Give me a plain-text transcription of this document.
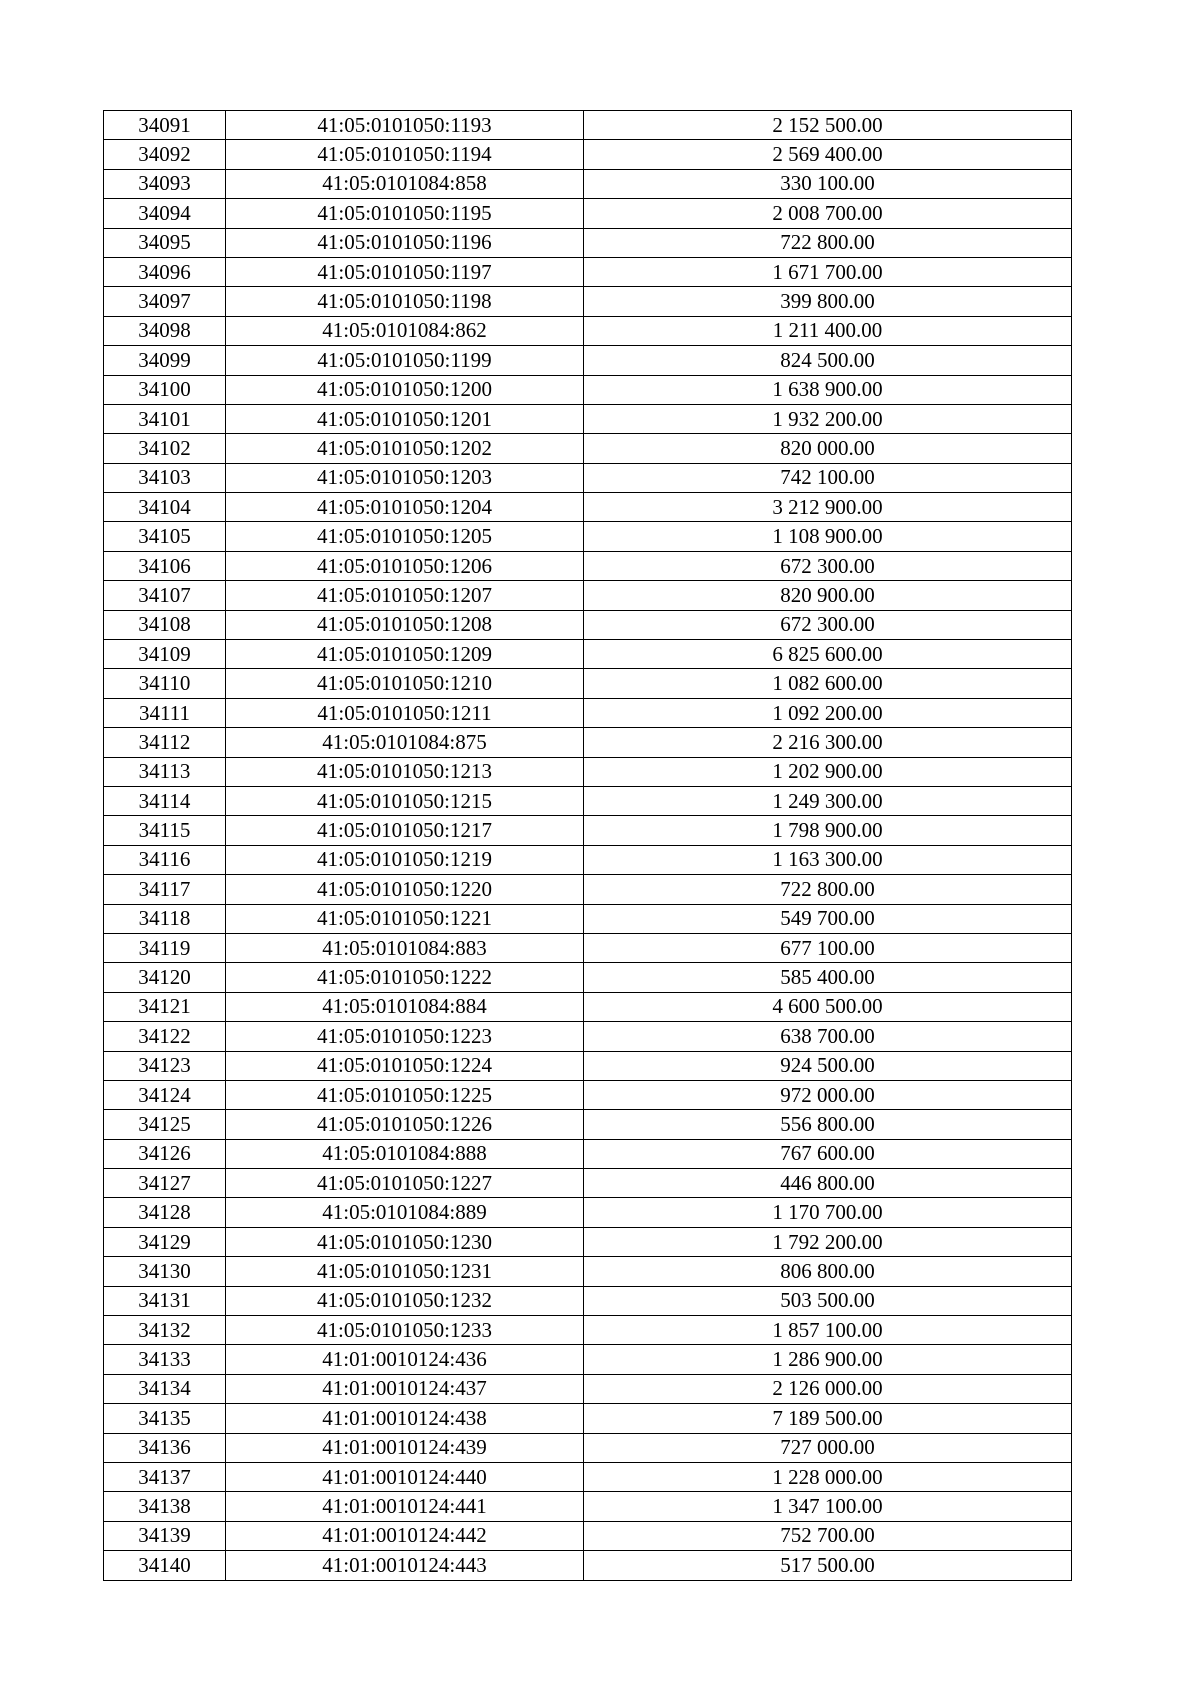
34091	41:05:0101050:1193	2 152 500.00
34092	41:05:0101050:1194	2 569 400.00
34093	41:05:0101084:858	330 100.00
34094	41:05:0101050:1195	2 008 700.00
34095	41:05:0101050:1196	722 800.00
34096	41:05:0101050:1197	1 671 700.00
34097	41:05:0101050:1198	399 800.00
34098	41:05:0101084:862	1 211 400.00
34099	41:05:0101050:1199	824 500.00
34100	41:05:0101050:1200	1 638 900.00
34101	41:05:0101050:1201	1 932 200.00
34102	41:05:0101050:1202	820 000.00
34103	41:05:0101050:1203	742 100.00
34104	41:05:0101050:1204	3 212 900.00
34105	41:05:0101050:1205	1 108 900.00
34106	41:05:0101050:1206	672 300.00
34107	41:05:0101050:1207	820 900.00
34108	41:05:0101050:1208	672 300.00
34109	41:05:0101050:1209	6 825 600.00
34110	41:05:0101050:1210	1 082 600.00
34111	41:05:0101050:1211	1 092 200.00
34112	41:05:0101084:875	2 216 300.00
34113	41:05:0101050:1213	1 202 900.00
34114	41:05:0101050:1215	1 249 300.00
34115	41:05:0101050:1217	1 798 900.00
34116	41:05:0101050:1219	1 163 300.00
34117	41:05:0101050:1220	722 800.00
34118	41:05:0101050:1221	549 700.00
34119	41:05:0101084:883	677 100.00
34120	41:05:0101050:1222	585 400.00
34121	41:05:0101084:884	4 600 500.00
34122	41:05:0101050:1223	638 700.00
34123	41:05:0101050:1224	924 500.00
34124	41:05:0101050:1225	972 000.00
34125	41:05:0101050:1226	556 800.00
34126	41:05:0101084:888	767 600.00
34127	41:05:0101050:1227	446 800.00
34128	41:05:0101084:889	1 170 700.00
34129	41:05:0101050:1230	1 792 200.00
34130	41:05:0101050:1231	806 800.00
34131	41:05:0101050:1232	503 500.00
34132	41:05:0101050:1233	1 857 100.00
34133	41:01:0010124:436	1 286 900.00
34134	41:01:0010124:437	2 126 000.00
34135	41:01:0010124:438	7 189 500.00
34136	41:01:0010124:439	727 000.00
34137	41:01:0010124:440	1 228 000.00
34138	41:01:0010124:441	1 347 100.00
34139	41:01:0010124:442	752 700.00
34140	41:01:0010124:443	517 500.00
